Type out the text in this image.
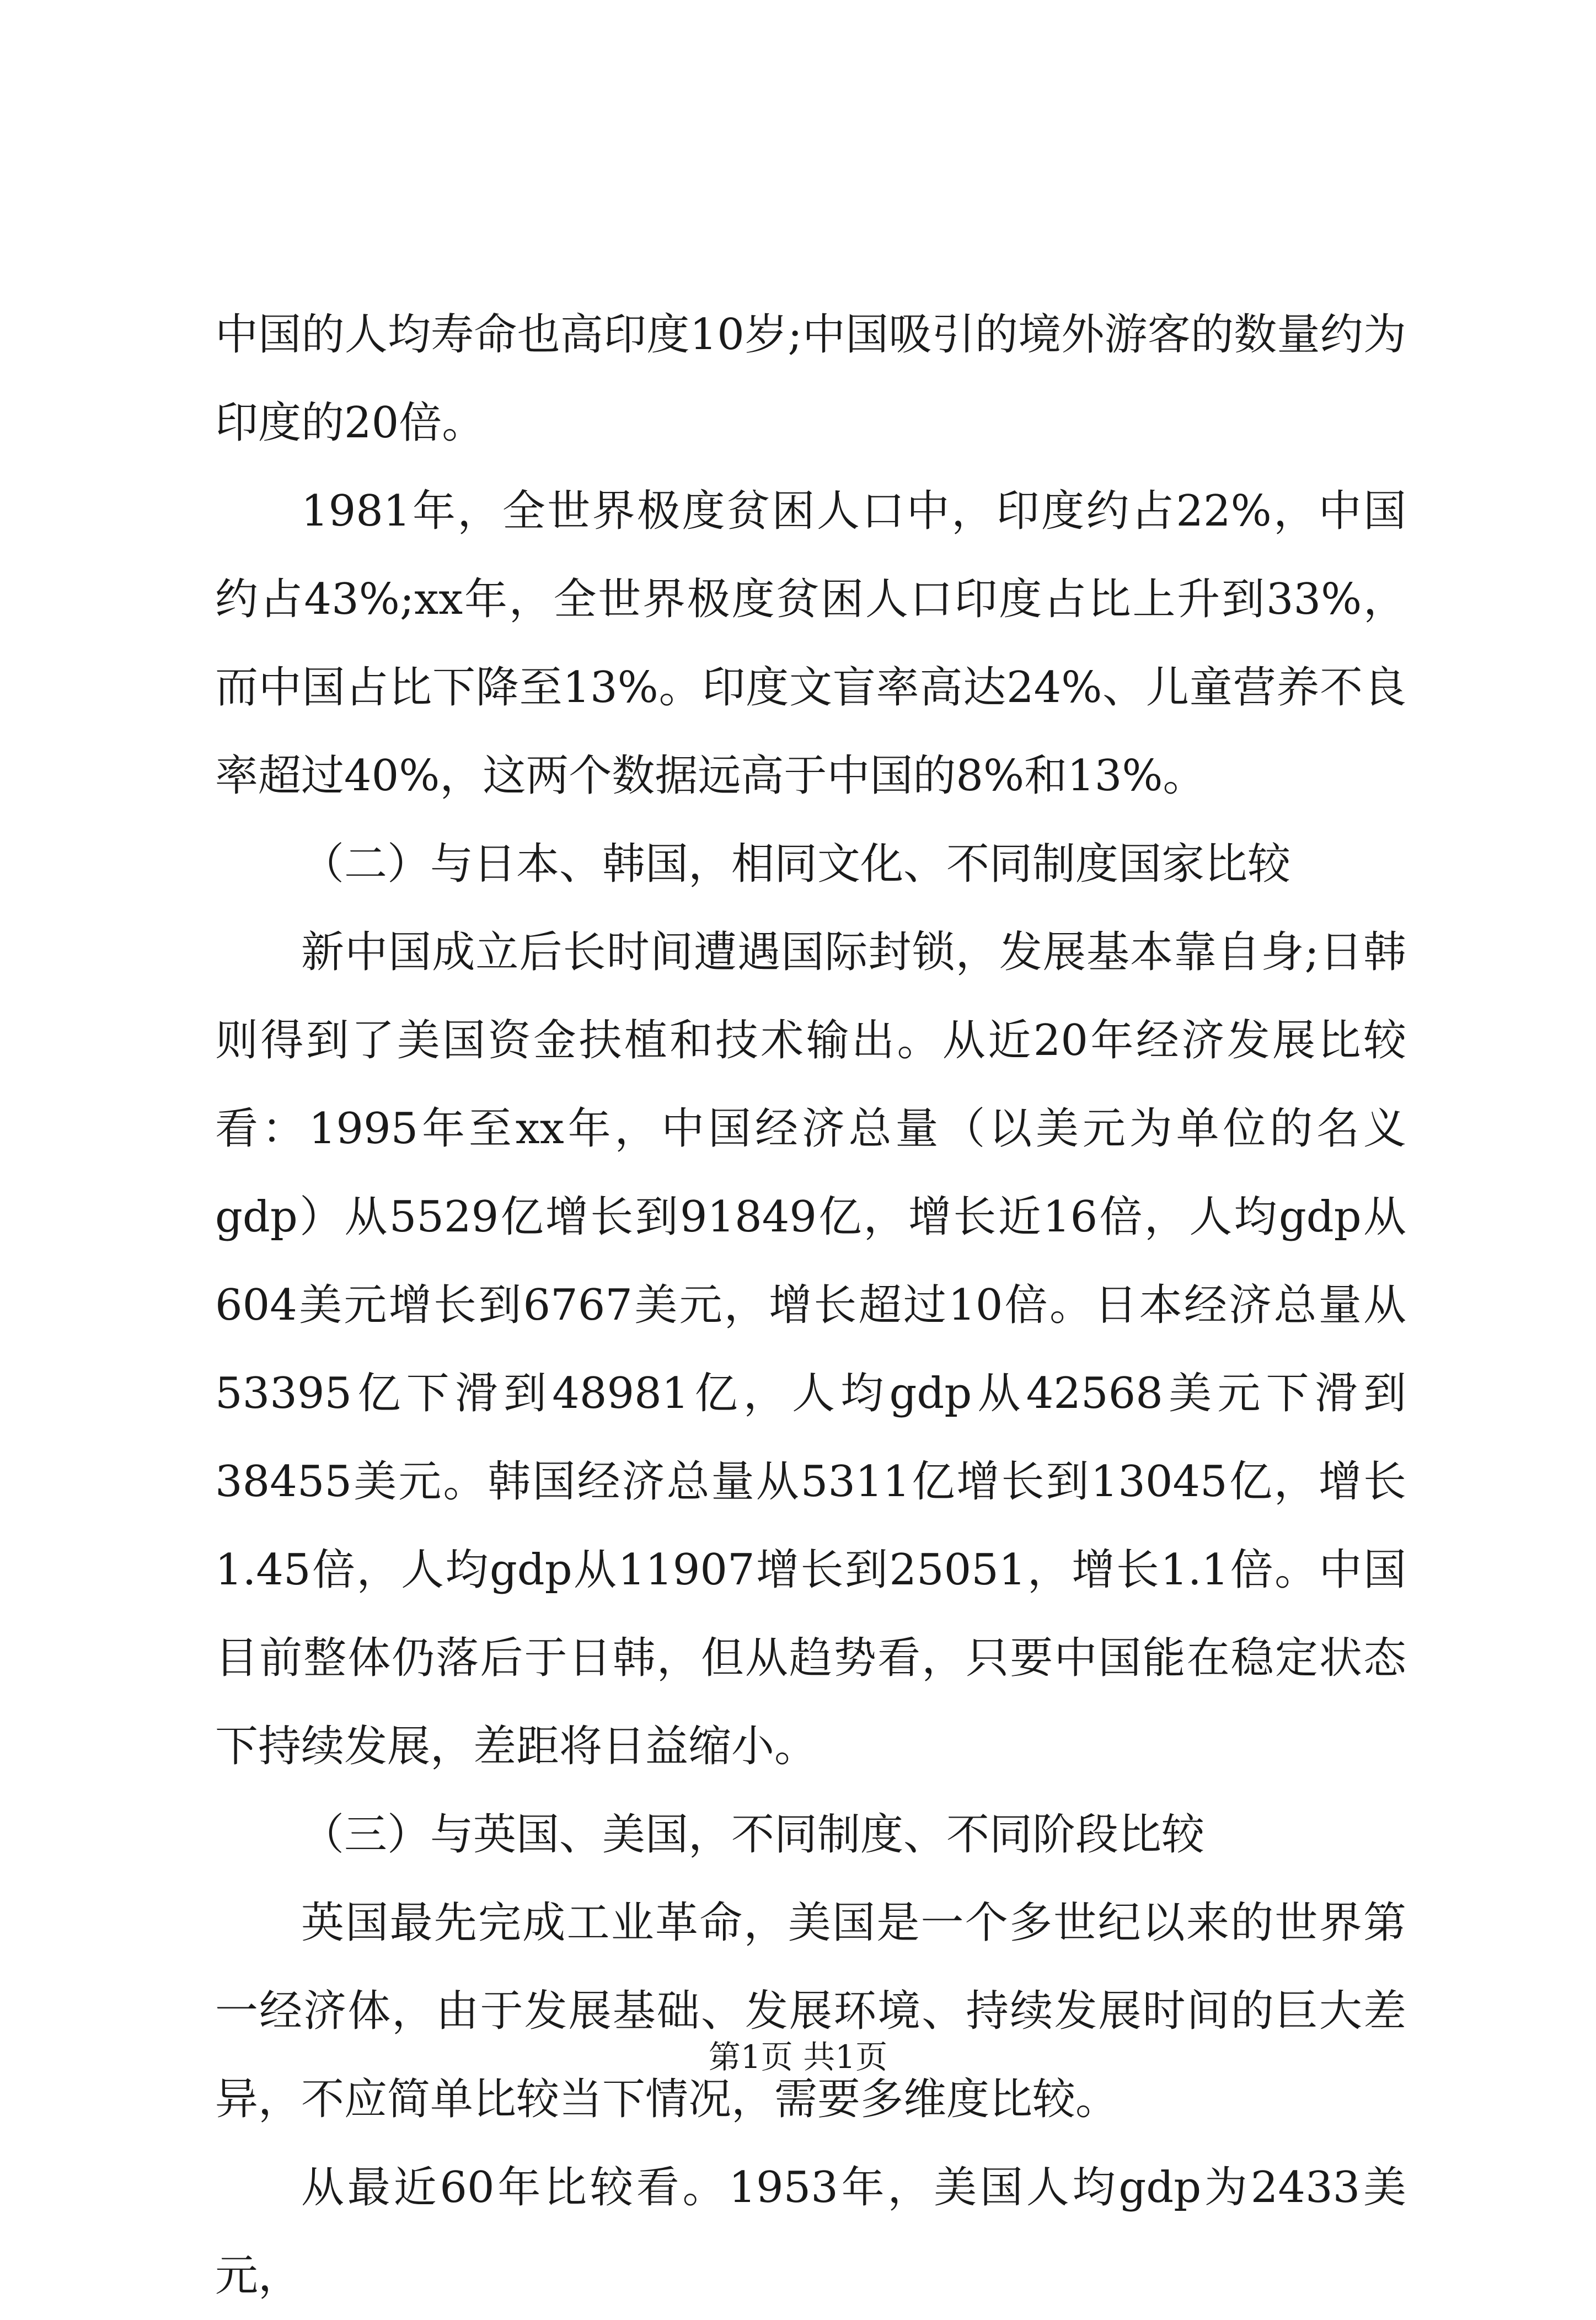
中国的人均寿命也高印度10岁;中国吸引的境外游客的数量约为印度的20倍。

1981年，全世界极度贫困人口中，印度约占22%，中国约占43%;xx年，全世界极度贫困人口印度占比上升到33%，而中国占比下降至13%。印度文盲率高达24%、儿童营养不良率超过40%，这两个数据远高于中国的8%和13%。

（二）与日本、韩国，相同文化、不同制度国家比较

新中国成立后长时间遭遇国际封锁，发展基本靠自身;日韩则得到了美国资金扶植和技术输出。从近20年经济发展比较看：1995年至xx年，中国经济总量（以美元为单位的名义gdp）从5529亿增长到91849亿，增长近16倍，人均gdp从604美元增长到6767美元，增长超过10倍。日本经济总量从53395亿下滑到48981亿，人均gdp从42568美元下滑到38455美元。韩国经济总量从5311亿增长到13045亿，增长1.45倍，人均gdp从11907增长到25051，增长1.1倍。中国目前整体仍落后于日韩，但从趋势看，只要中国能在稳定状态下持续发展，差距将日益缩小。

（三）与英国、美国，不同制度、不同阶段比较

英国最先完成工业革命，美国是一个多世纪以来的世界第一经济体，由于发展基础、发展环境、持续发展时间的巨大差异，不应简单比较当下情况，需要多维度比较。

从最近60年比较看。1953年，美国人均gdp为2433美元，

第1页 共1页
